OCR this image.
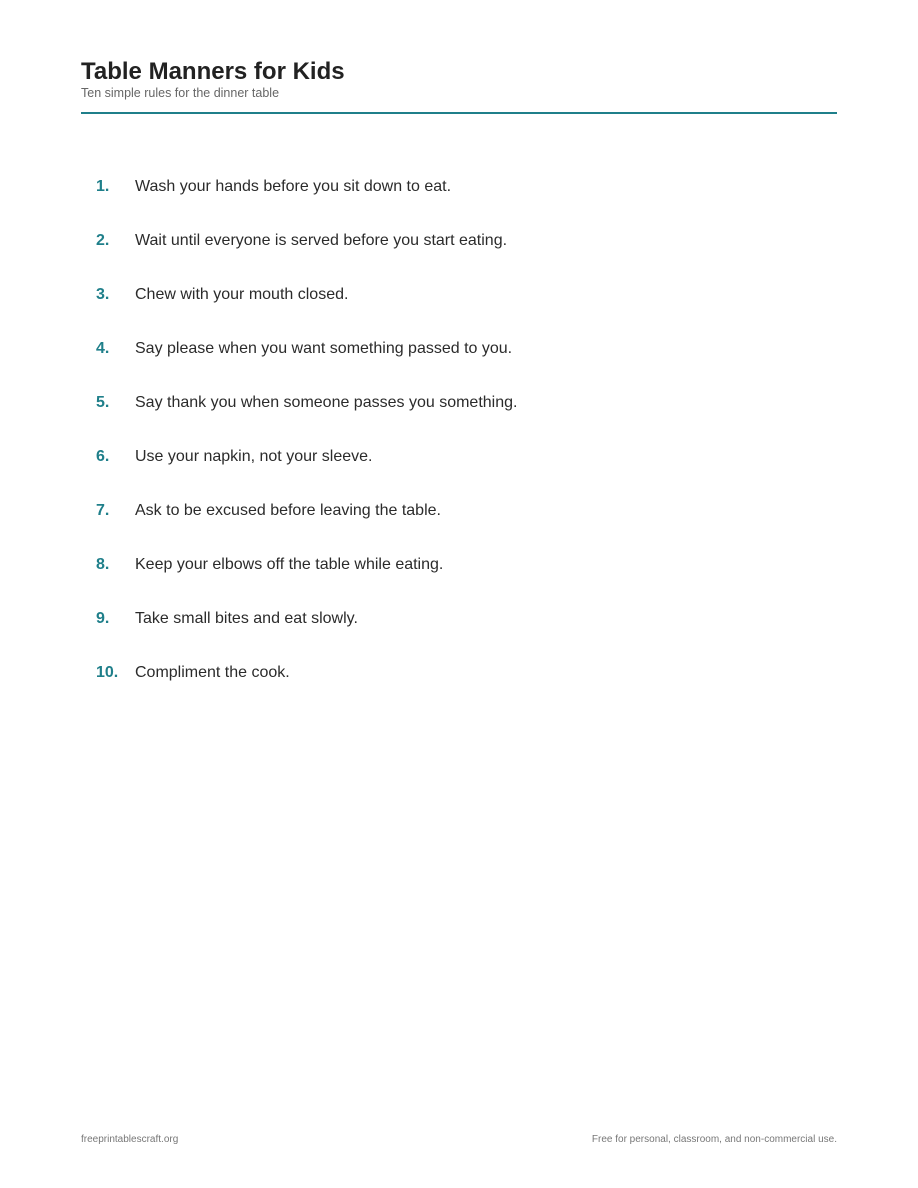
Table Manners for Kids

Ten simple rules for the dinner table

1.	Wash your hands before you sit down to eat.
2.	Wait until everyone is served before you start eating.
3.	Chew with your mouth closed.
4.	Say please when you want something passed to you.
5.	Say thank you when someone passes you something.
6.	Use your napkin, not your sleeve.
7.	Ask to be excused before leaving the table.
8.	Keep your elbows off the table while eating.
9.	Take small bites and eat slowly.
10.	Compliment the cook.
freeprintablescraft.org	Free for personal, classroom, and non-commercial use.
